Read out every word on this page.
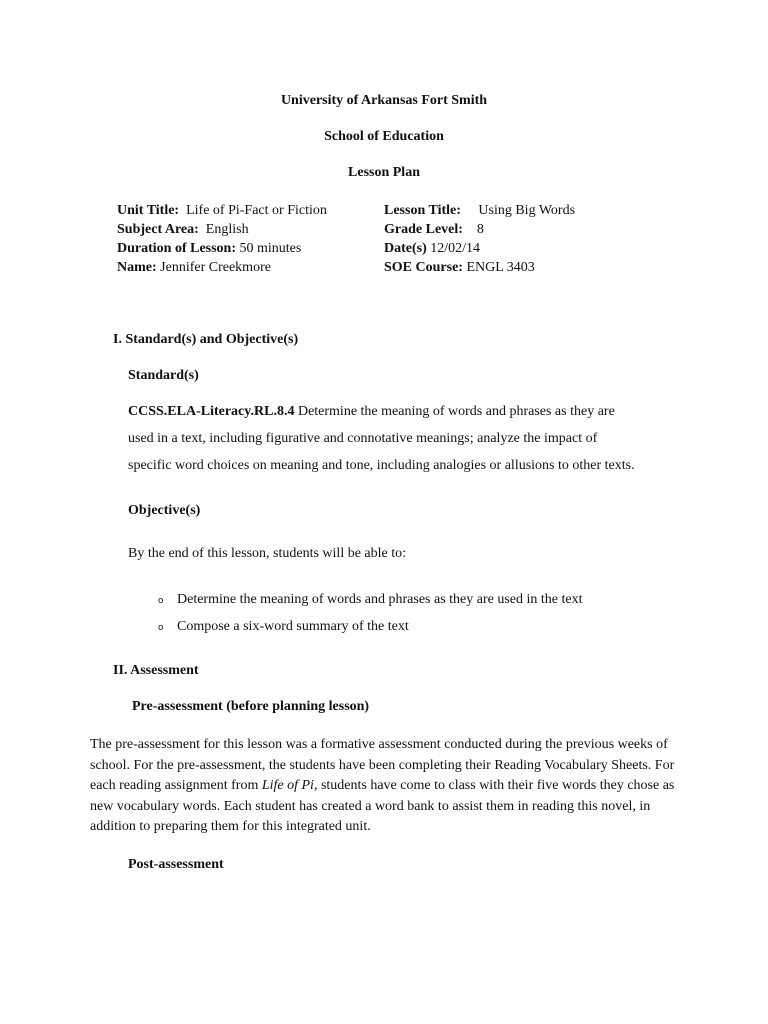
University of Arkansas Fort Smith
School of Education
Lesson Plan
Unit Title: Life of Pi-Fact or Fiction
Subject Area: English
Duration of Lesson: 50 minutes
Name: Jennifer Creekmore
Lesson Title: Using Big Words
Grade Level: 8
Date(s) 12/02/14
SOE Course: ENGL 3403
I. Standard(s) and Objective(s)
Standard(s)
CCSS.ELA-Literacy.RL.8.4 Determine the meaning of words and phrases as they are
used in a text, including figurative and connotative meanings; analyze the impact of
specific word choices on meaning and tone, including analogies or allusions to other texts.
Objective(s)
By the end of this lesson, students will be able to:
o Determine the meaning of words and phrases as they are used in the text
o Compose a six-word summary of the text
II. Assessment
Pre-assessment (before planning lesson)
The pre-assessment for this lesson was a formative assessment conducted during the previous weeks of school. For the pre-assessment, the students have been completing their Reading Vocabulary Sheets. For each reading assignment from Life of Pi, students have come to class with their five words they chose as new vocabulary words. Each student has created a word bank to assist them in reading this novel, in addition to preparing them for this integrated unit.
Post-assessment
